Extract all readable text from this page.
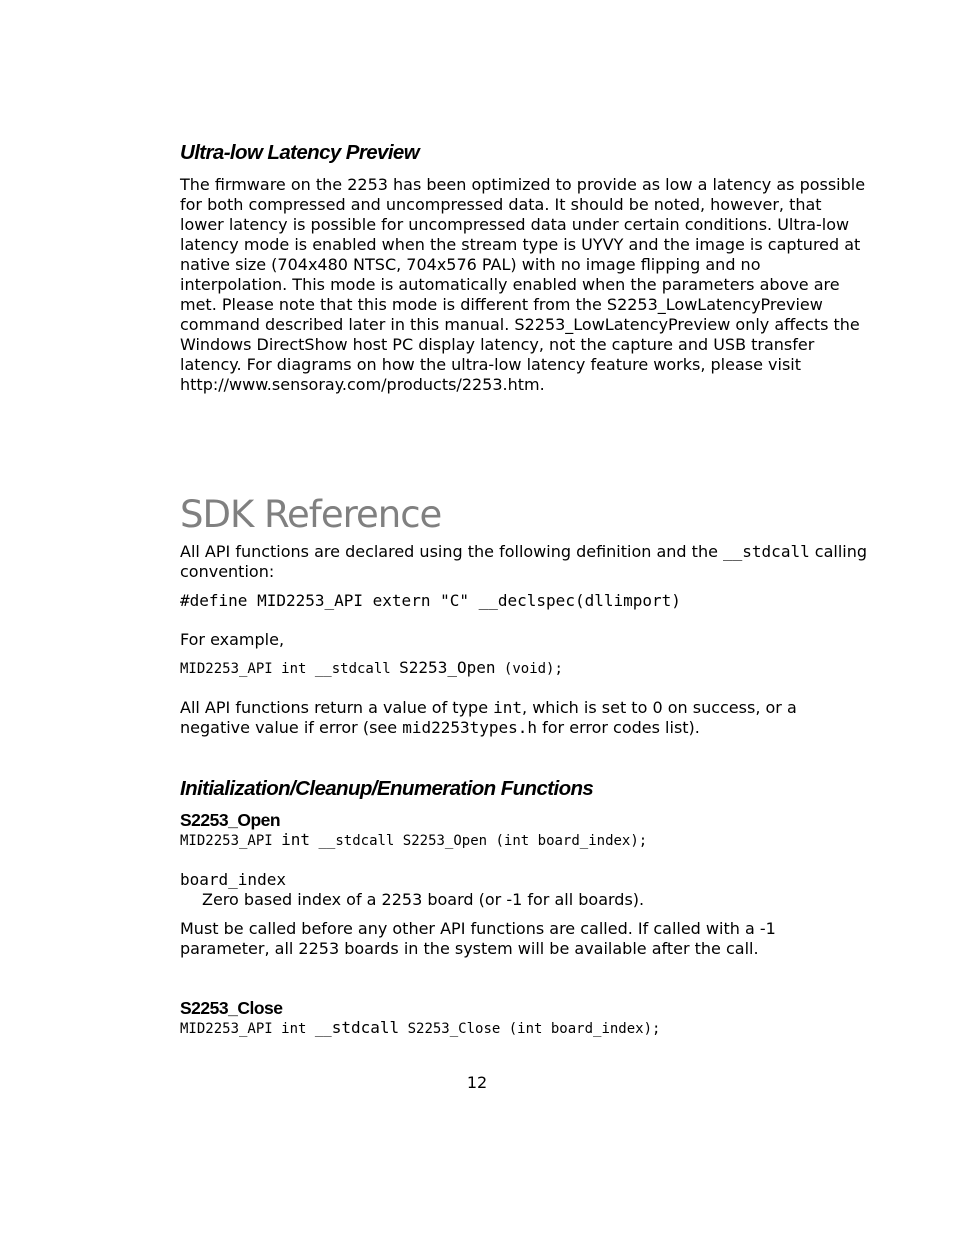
Ultra-low Latency Preview

The firmware on the 2253 has been optimized to provide as low a latency as possible for both compressed and uncompressed data. It should be noted, however, that lower latency is possible for uncompressed data under certain conditions. Ultra-low latency mode is enabled when the stream type is UYVY and the image is captured at native size (704x480 NTSC, 704x576 PAL) with no image flipping and no interpolation. This mode is automatically enabled when the parameters above are met. Please note that this mode is different from the S2253_LowLatencyPreview command described later in this manual. S2253_LowLatencyPreview only affects the Windows DirectShow host PC display latency, not the capture and USB transfer latency. For diagrams on how the ultra-low latency feature works, please visit http://www.sensoray.com/products/2253.htm.

SDK Reference

All API functions are declared using the following definition and the __stdcall calling convention:

#define MID2253_API extern "C" __declspec(dllimport)

For example,

MID2253_API int __stdcall S2253_Open (void);

All API functions return a value of type int, which is set to 0 on success, or a negative value if error (see mid2253types.h for error codes list).

Initialization/Cleanup/Enumeration Functions
S2253_Open

MID2253_API int __stdcall S2253_Open (int board_index);

board_index

Zero based index of a 2253 board (or -1 for all boards).

Must be called before any other API functions are called. If called with a -1 parameter, all 2253 boards in the system will be available after the call.

S2253_Close

MID2253_API int __stdcall S2253_Close (int board_index);

12
